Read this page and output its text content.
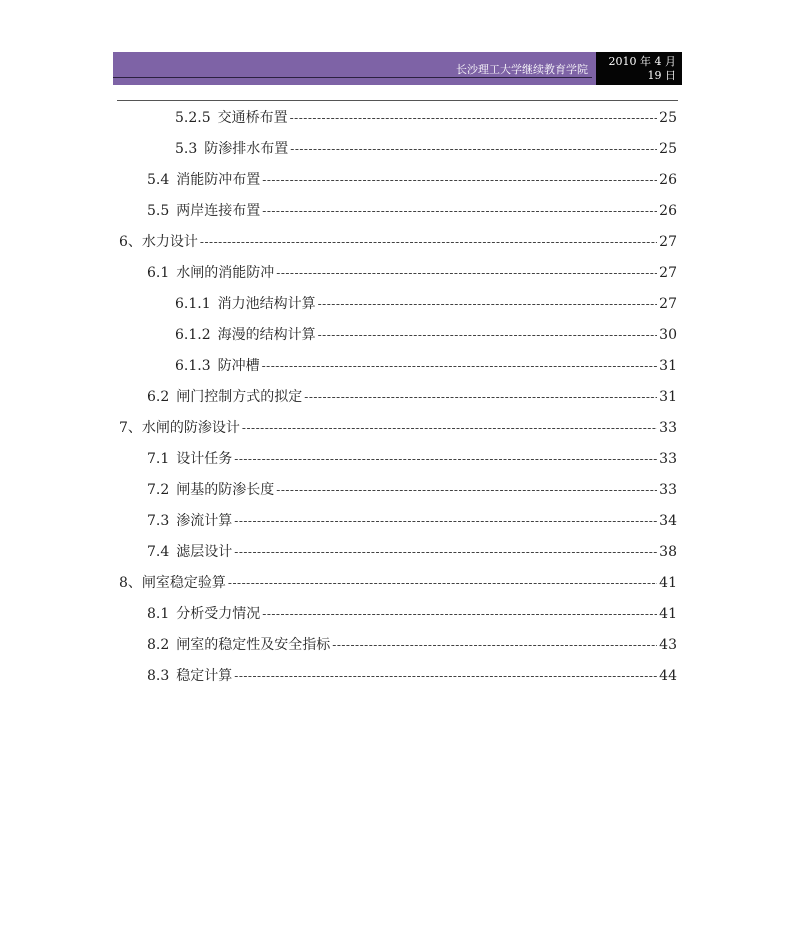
长沙理工大学继续教育学院
2010 年 4 月
19 日
5.2.5 交通桥布置 -----	25
5.3 防渗排水布置 -----	25
5.4 消能防冲布置 -----	26
5.5 两岸连接布置 -----	26
6、水力设计 -----	27
6.1 水闸的消能防冲 -----	27
6.1.1 消力池结构计算 -----	27
6.1.2 海漫的结构计算 -----	30
6.1.3 防冲槽 -----	31
6.2 闸门控制方式的拟定 -----	31
7、水闸的防渗设计 -----	33
7.1 设计任务 -----	33
7.2 闸基的防渗长度 -----	33
7.3 渗流计算 -----	34
7.4 滤层设计 -----	38
8、闸室稳定验算 -----	41
8.1 分析受力情况 -----	41
8.2 闸室的稳定性及安全指标 -----	43
8.3 稳定计算 -----	44
